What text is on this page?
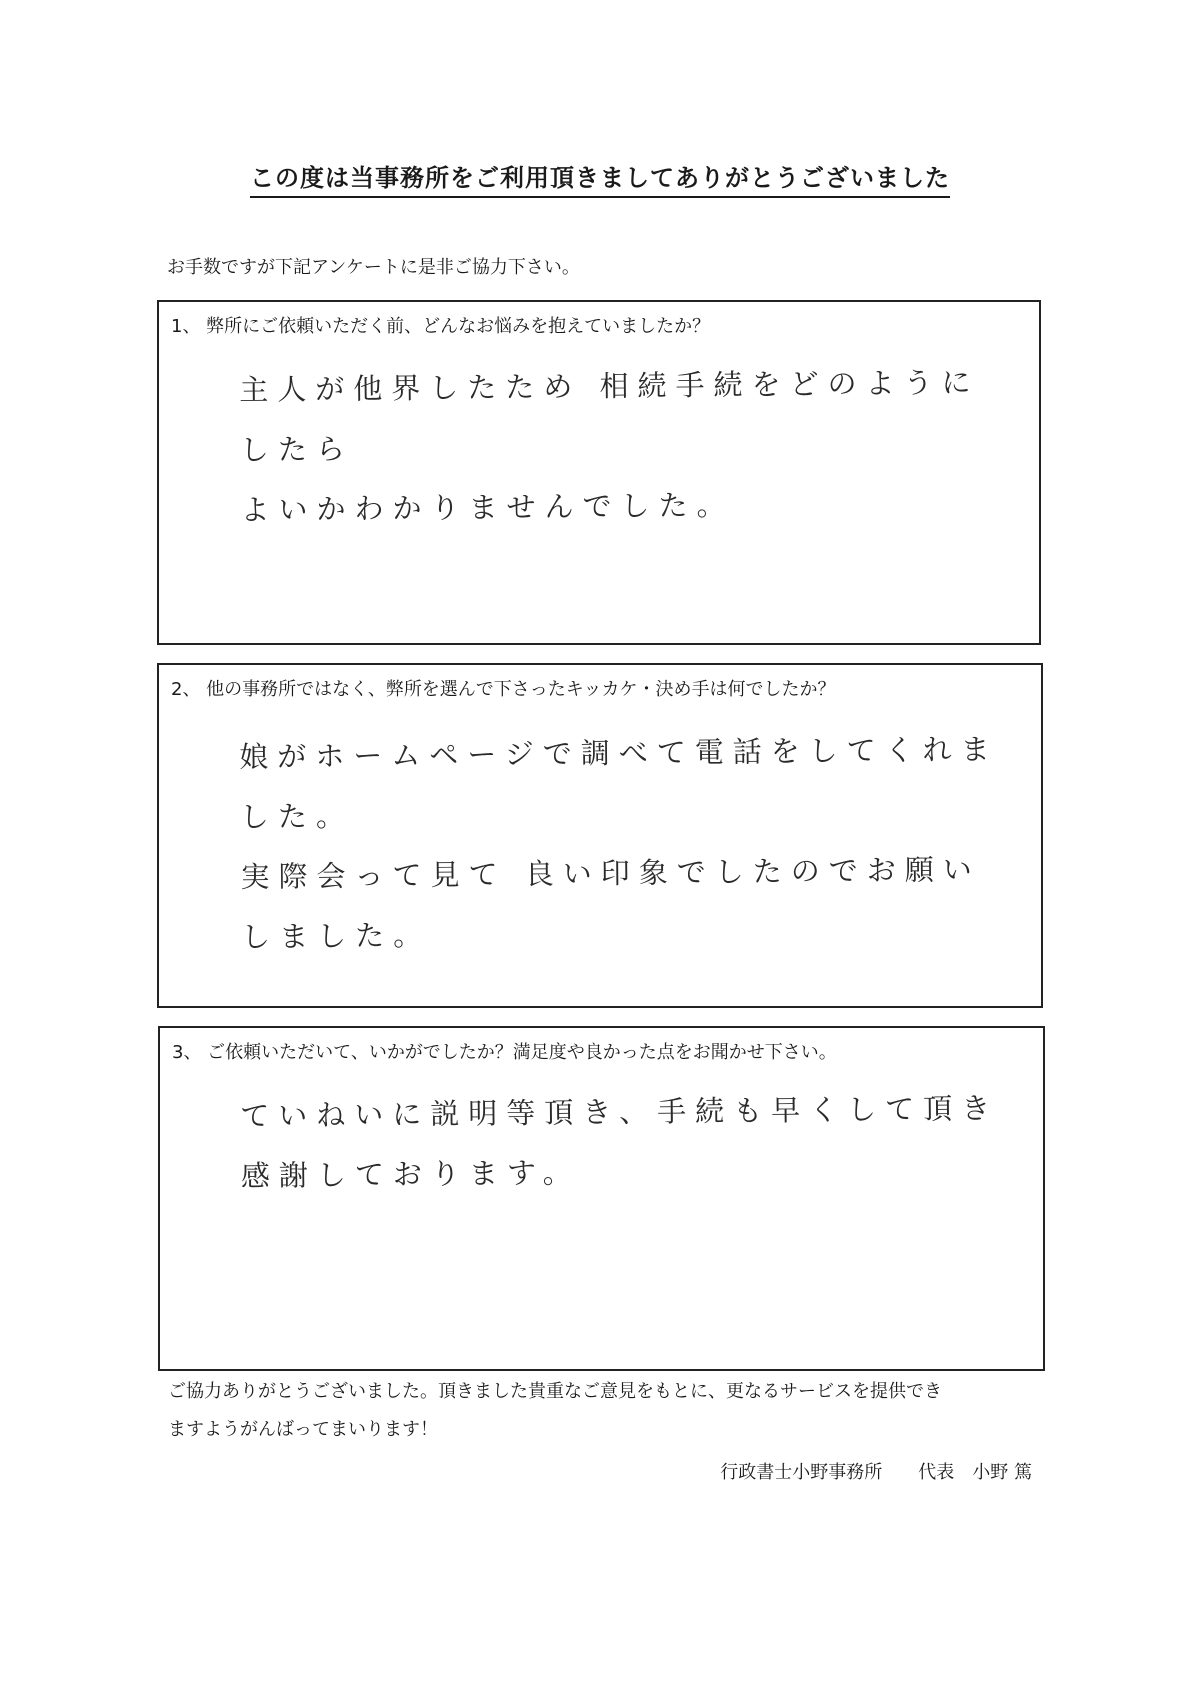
この度は当事務所をご利用頂きましてありがとうございました
お手数ですが下記アンケートに是非ご協力下さい。
1、 弊所にご依頼いただく前、どんなお悩みを抱えていましたか？
主人が他界したため 相続手続をどのようにしたら
よいかわかりませんでした。
2、 他の事務所ではなく、弊所を選んで下さったキッカケ・決め手は何でしたか？
娘がホームページで調べて電話をしてくれました。
実際会って見て 良い印象でしたのでお願い
しました。
3、 ご依頼いただいて、いかがでしたか？満足度や良かった点をお聞かせ下さい。
ていねいに説明等頂き、手続も早くして頂き
感謝しております。
ご協力ありがとうございました。頂きました貴重なご意見をもとに、更なるサービスを提供でき
ますようがんばってまいります！
行政書士小野事務所　　 代表　 小野 篤
